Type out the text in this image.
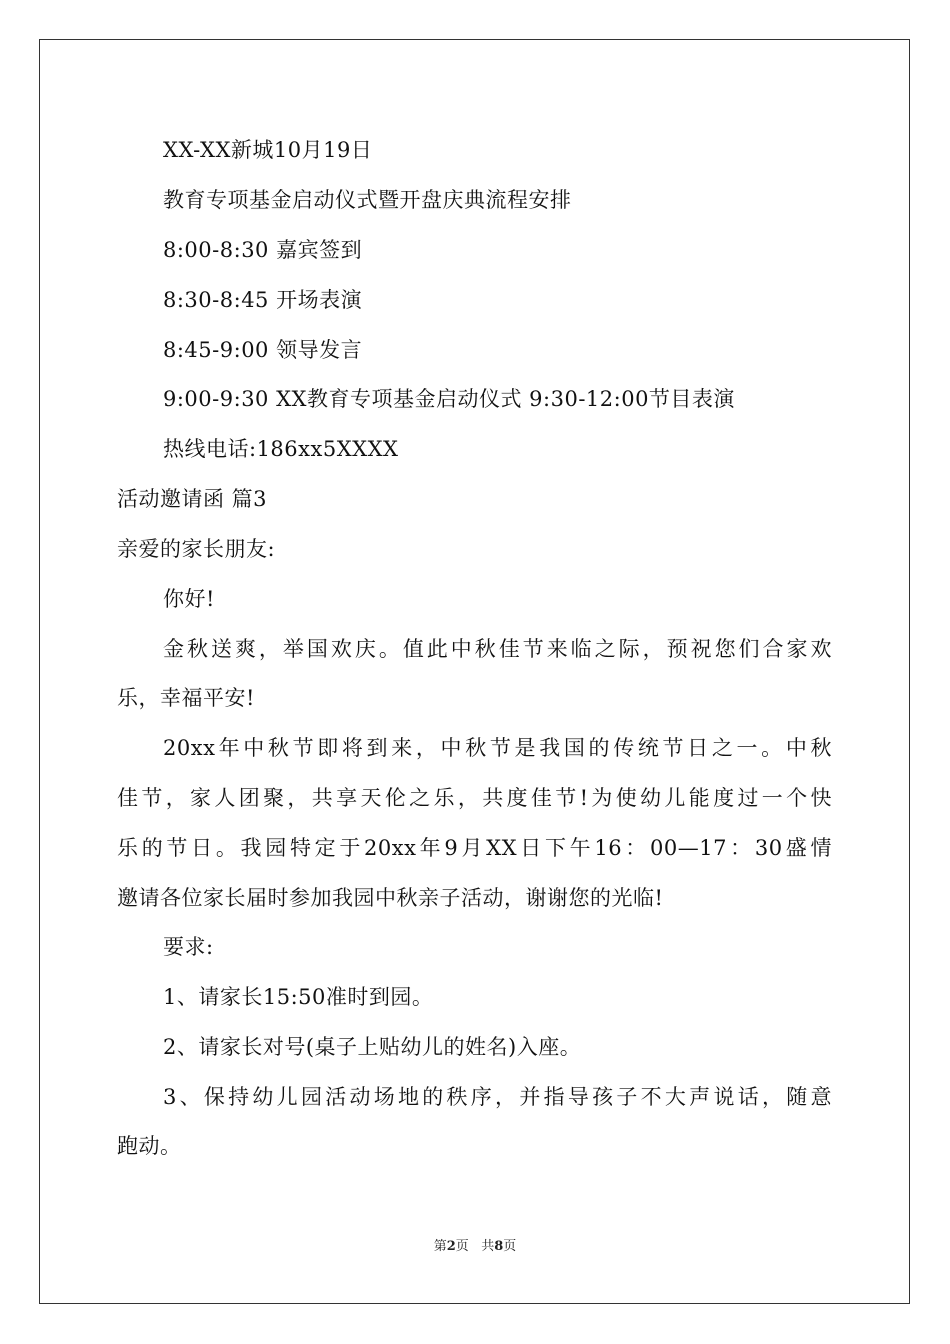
XX-XX新城10月19日
教育专项基金启动仪式暨开盘庆典流程安排
8:00-8:30 嘉宾签到
8:30-8:45 开场表演
8:45-9:00 领导发言
9:00-9:30 XX教育专项基金启动仪式 9:30-12:00节目表演
热线电话:186xx5XXXX
活动邀请函 篇3
亲爱的家长朋友:
你好!
金秋送爽，举国欢庆。值此中秋佳节来临之际，预祝您们合家欢
乐，幸福平安!
20xx年中秋节即将到来，中秋节是我国的传统节日之一。中秋
佳节，家人团聚，共享天伦之乐，共度佳节!为使幼儿能度过一个快
乐的节日。我园特定于20xx年9月XX日下午16：00—17：30盛情
邀请各位家长届时参加我园中秋亲子活动，谢谢您的光临!
要求:
1、请家长15:50准时到园。
2、请家长对号(桌子上贴幼儿的姓名)入座。
3、保持幼儿园活动场地的秩序，并指导孩子不大声说话，随意
跑动。
第2页 共8页
